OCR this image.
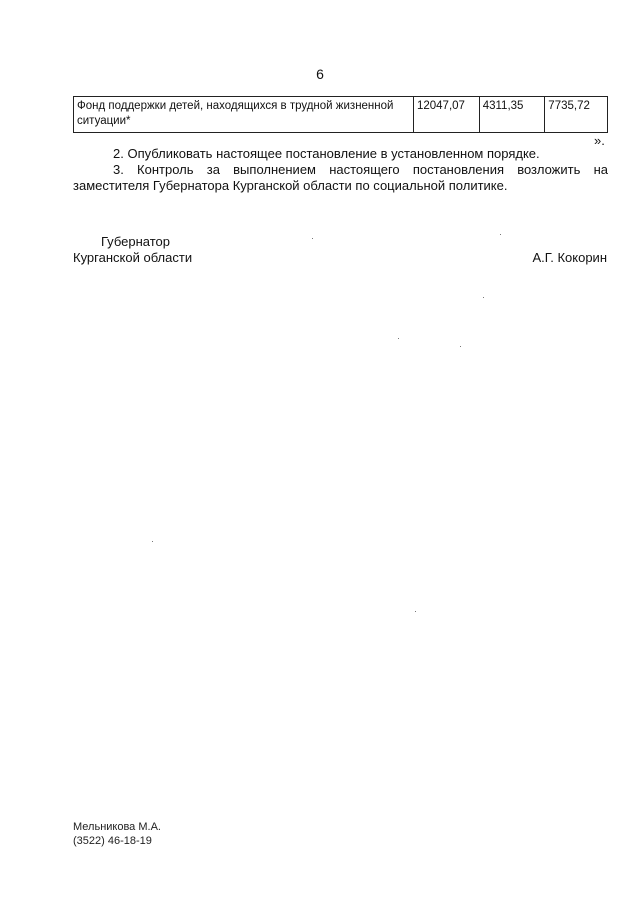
6
Фонд поддержки детей, находящихся в трудной жизненной ситуации*	12047,07	4311,35	7735,72
».
2. Опубликовать настоящее постановление в установленном порядке.
3. Контроль за выполнением настоящего постановления возложить на заместителя Губернатора Курганской области по социальной политике.
Губернатор
Курганской области	А.Г. Кокорин
Мельникова М.А.
(3522) 46-18-19
